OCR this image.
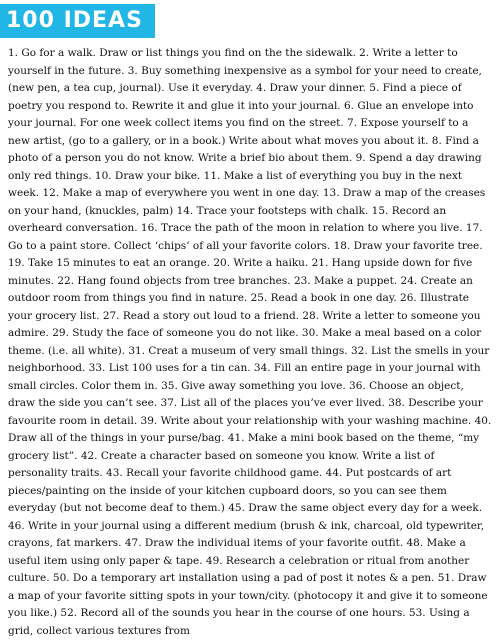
100 IDEAS

1. Go for a walk. Draw or list things you find on the the sidewalk. 2. Write a letter to yourself in the future. 3. Buy something inexpensive as a symbol for your need to create, (new pen, a tea cup, journal). Use it everyday. 4. Draw your dinner. 5. Find a piece of poetry you respond to. Rewrite it and glue it into your journal. 6. Glue an envelope into your journal. For one week collect items you find on the street. 7. Expose yourself to a new artist, (go to a gallery, or in a book.) Write about what moves you about it. 8. Find a photo of a person you do not know. Write a brief bio about them. 9. Spend a day drawing only red things. 10. Draw your bike. 11. Make a list of everything you buy in the next week. 12. Make a map of everywhere you went in one day. 13. Draw a map of the creases on your hand, (knuckles, palm) 14. Trace your footsteps with chalk. 15. Record an overheard conversation. 16. Trace the path of the moon in relation to where you live. 17. Go to a paint store. Collect ‘chips’ of all your favorite colors. 18. Draw your favorite tree. 19. Take 15 minutes to eat an orange. 20. Write a haiku. 21. Hang upside down for five minutes. 22. Hang found objects from tree branches. 23. Make a puppet. 24. Create an outdoor room from things you find in nature. 25. Read a book in one day. 26. Illustrate your grocery list. 27. Read a story out loud to a friend. 28. Write a letter to someone you admire. 29. Study the face of someone you do not like. 30. Make a meal based on a color theme. (i.e. all white). 31. Creat a museum of very small things. 32. List the smells in your neighborhood. 33. List 100 uses for a tin can. 34. Fill an entire page in your journal with small circles. Color them in. 35. Give away something you love. 36. Choose an object, draw the side you can’t see. 37. List all of the places you’ve ever lived. 38. Describe your favourite room in detail. 39. Write about your relationship with your washing machine. 40. Draw all of the things in your purse/bag. 41. Make a mini book based on the theme, “my grocery list”. 42. Create a character based on someone you know. Write a list of personality traits. 43. Recall your favorite childhood game. 44. Put postcards of art pieces/painting on the inside of your kitchen cupboard doors, so you can see them everyday (but not become deaf to them.) 45. Draw the same object every day for a week. 46. Write in your journal using a different medium (brush & ink, charcoal, old typewriter, crayons, fat markers. 47. Draw the individual items of your favorite outfit. 48. Make a useful item using only paper & tape. 49. Research a celebration or ritual from another culture. 50. Do a temporary art installation using a pad of post it notes & a pen. 51. Draw a map of your favorite sitting spots in your town/city. (photocopy it and give it to someone you like.) 52. Record all of the sounds you hear in the course of one hours. 53. Using a grid, collect various textures from
